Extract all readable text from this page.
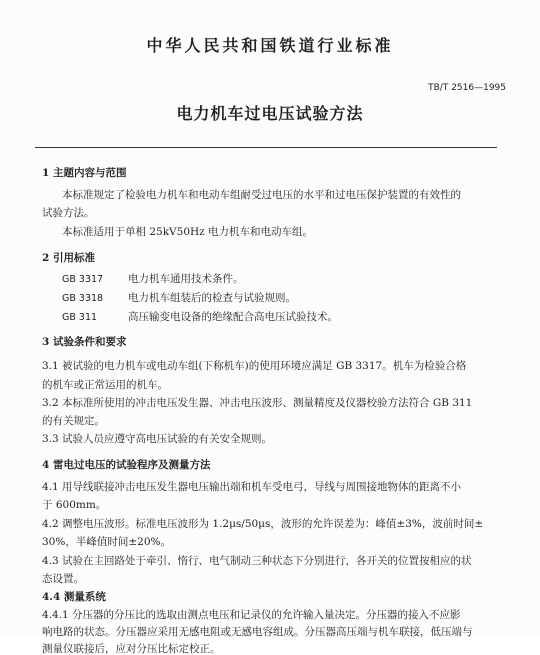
中华人民共和国铁道行业标准
TB/T 2516—1995
电力机车过电压试验方法
1 主题内容与范围
本标准规定了检验电力机车和电动车组耐受过电压的水平和过电压保护装置的有效性的
试验方法。
本标准适用于单相 25kV50Hz 电力机车和电动车组。
2 引用标准
GB 3317 电力机车通用技术条件。
GB 3318 电力机车组装后的检查与试验规则。
GB 311	高压输变电设备的绝缘配合高电压试验技术。
3 试验条件和要求
3.1 被试验的电力机车或电动车组(下称机车)的使用环境应满足 GB 3317。机车为检验合格
的机车或正常运用的机车。
3.2 本标准所使用的冲击电压发生器、冲击电压波形、测量精度及仪器校验方法符合 GB 311
的有关规定。
3.3 试验人员应遵守高电压试验的有关安全规则。
4 雷电过电压的试验程序及测量方法
4.1 用导线联接冲击电压发生器电压输出端和机车受电弓，导线与周围接地物体的距离不小
于 600mm。
4.2 调整电压波形。标准电压波形为 1.2μs/50μs，波形的允许误差为：峰值±3%，波前时间±
30%，半峰值时间±20%。
4.3 试验在主回路处于牵引、惰行、电气制动三种状态下分别进行，各开关的位置按相应的状
态设置。
4.4 测量系统
4.4.1 分压器的分压比的选取由测点电压和记录仪的允许输入量决定。分压器的接入不应影
响电路的状态。分压器应采用无感电阻或无感电容组成。分压器高压端与机车联接，低压端与
测量仪联接后，应对分压比标定校正。
